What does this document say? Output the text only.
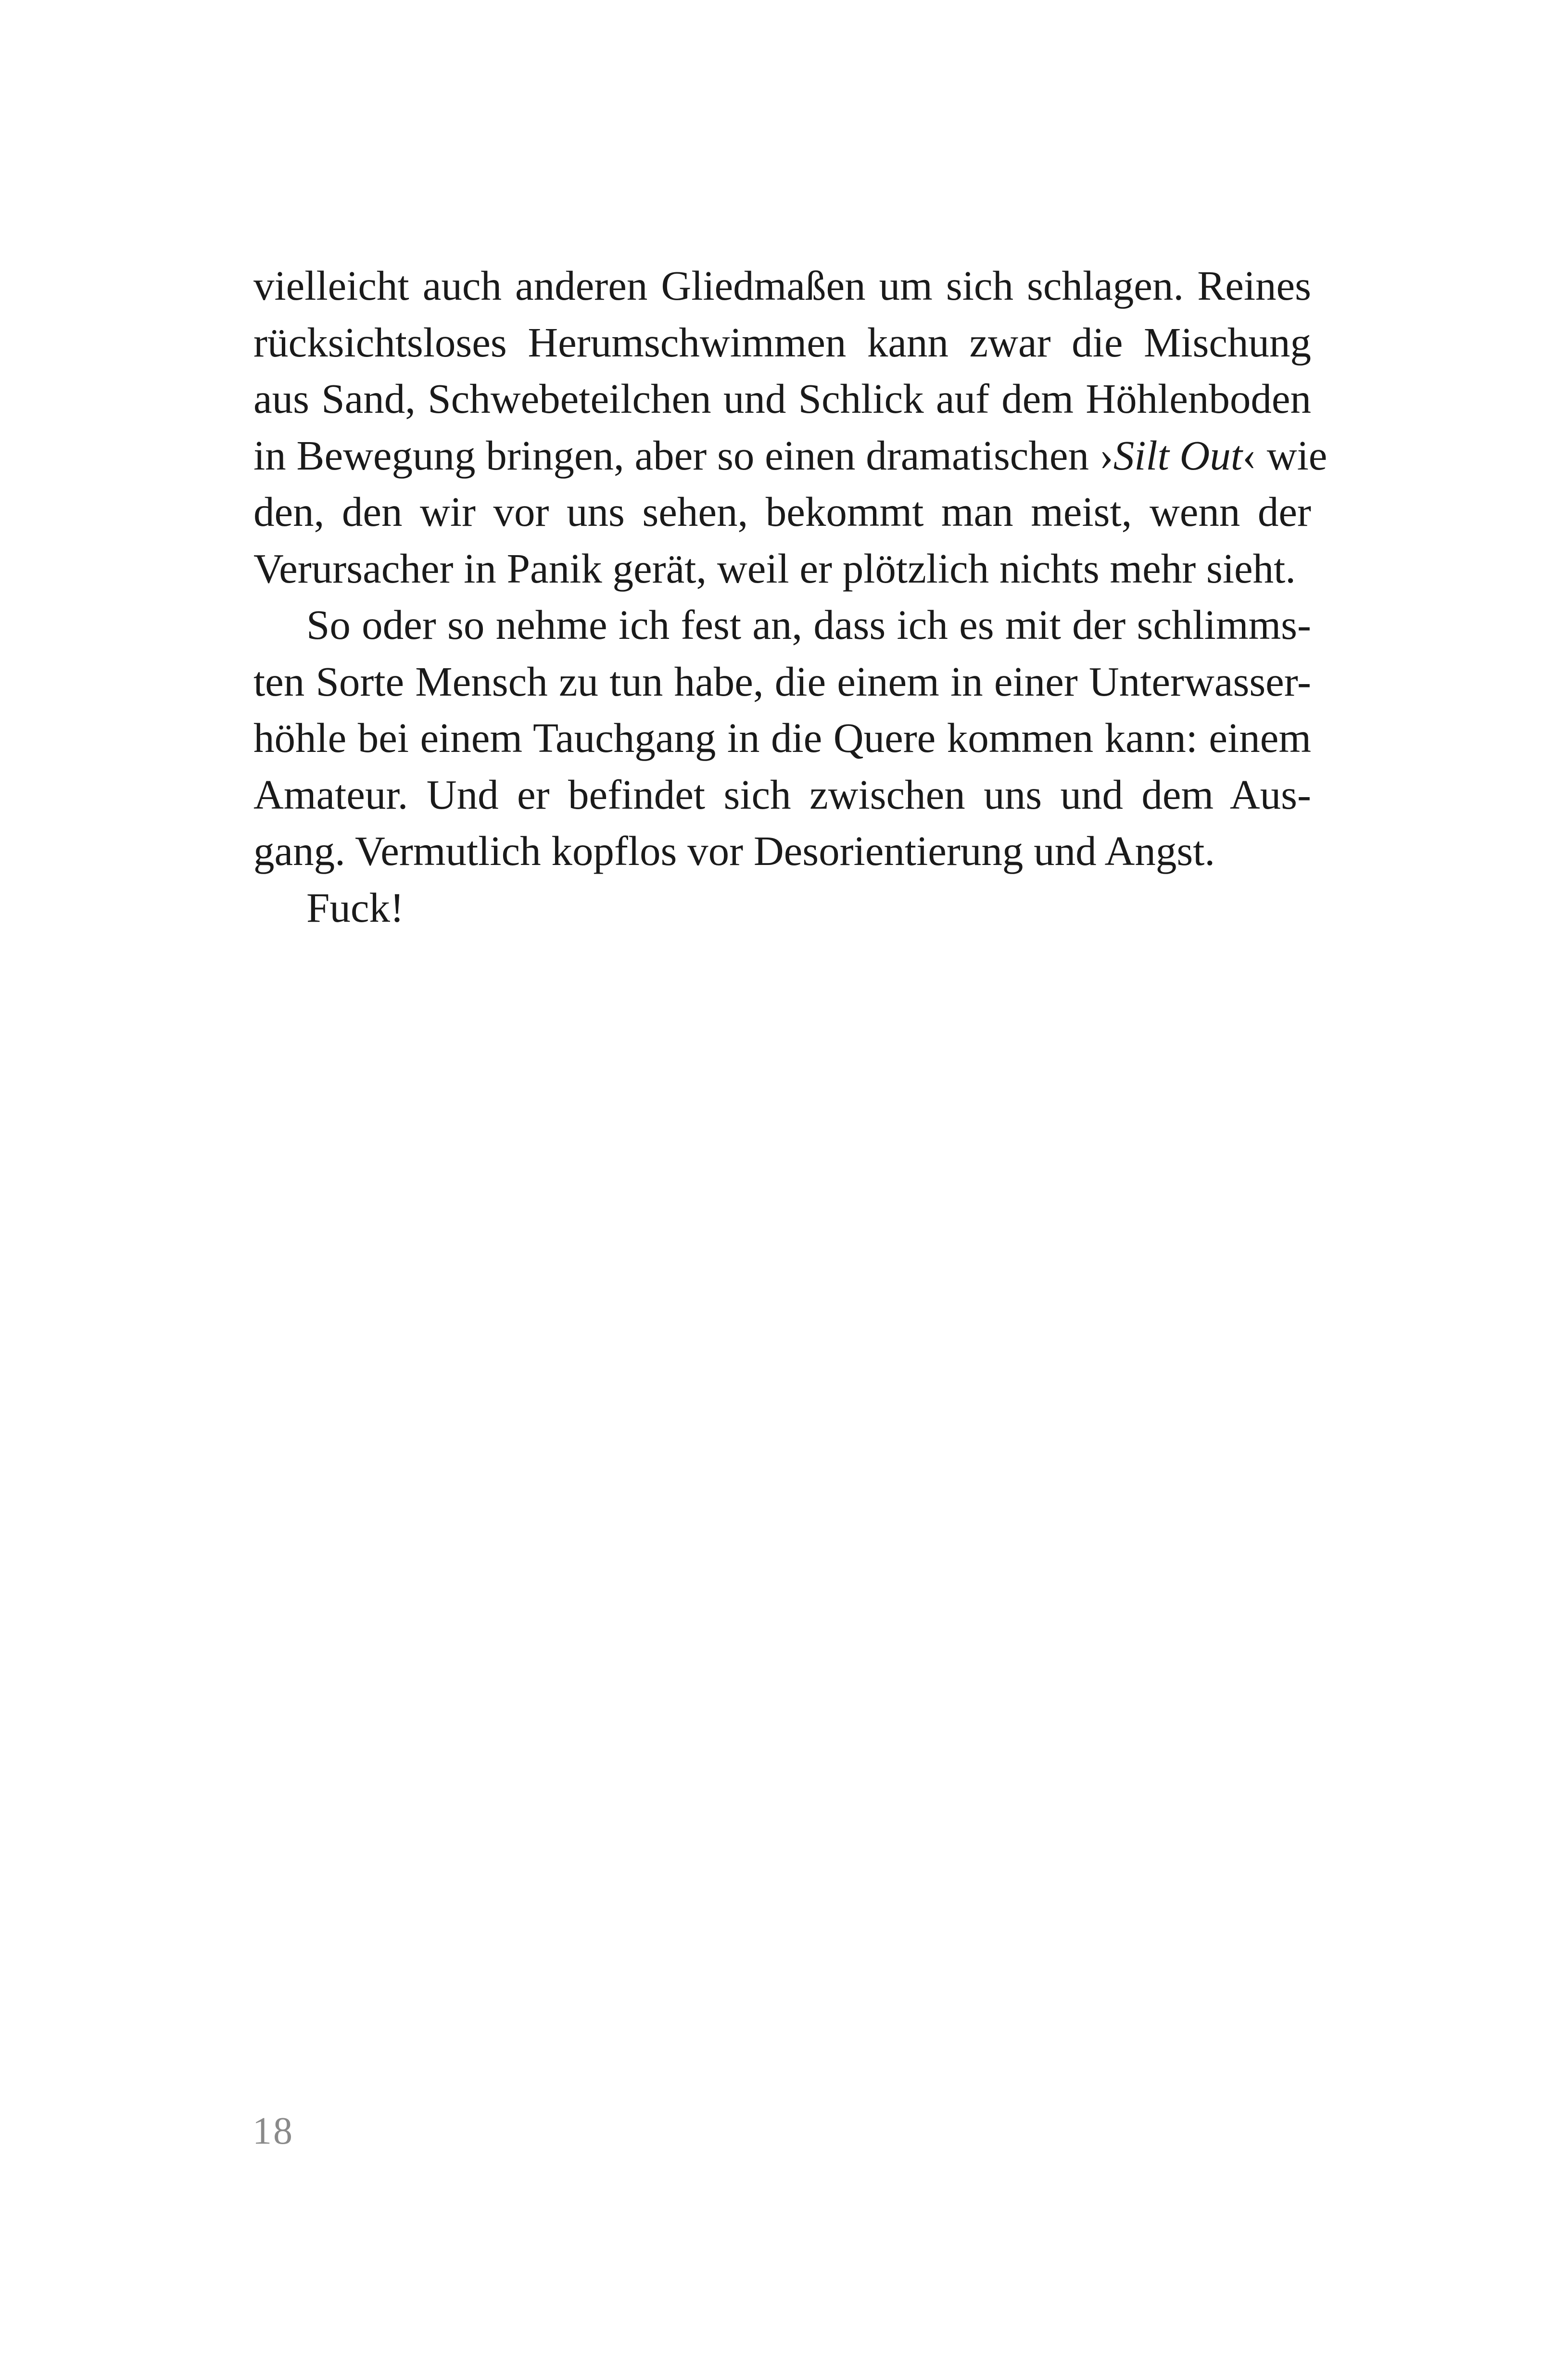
vielleicht auch anderen Gliedmaßen um sich schlagen. Reines
rücksichtsloses Herumschwimmen kann zwar die Mischung
aus Sand, Schwebeteilchen und Schlick auf dem Höhlenboden
in Bewegung bringen, aber so einen dramatischen ›Silt Out‹ wie
den, den wir vor uns sehen, bekommt man meist, wenn der
Verursacher in Panik gerät, weil er plötzlich nichts mehr sieht.
So oder so nehme ich fest an, dass ich es mit der schlimms-
ten Sorte Mensch zu tun habe, die einem in einer Unterwasser-
höhle bei einem Tauchgang in die Quere kommen kann: einem
Amateur. Und er befindet sich zwischen uns und dem Aus-
gang. Vermutlich kopflos vor Desorientierung und Angst.
Fuck!
18
